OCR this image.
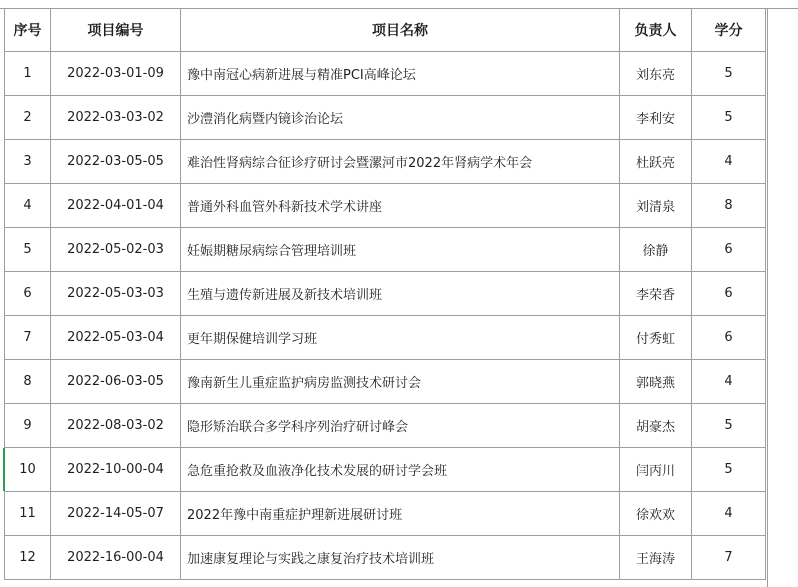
序号	项目编号	项目名称	负责人	学分
1	2022-03-01-09	豫中南冠心病新进展与精准PCI高峰论坛	刘东亮	5
2	2022-03-03-02	沙澧消化病暨内镜诊治论坛	李利安	5
3	2022-03-05-05	难治性肾病综合征诊疗研讨会暨漯河市2022年肾病学术年会	杜跃亮	4
4	2022-04-01-04	普通外科血管外科新技术学术讲座	刘清泉	8
5	2022-05-02-03	妊娠期糖尿病综合管理培训班	徐静	6
6	2022-05-03-03	生殖与遗传新进展及新技术培训班	李荣香	6
7	2022-05-03-04	更年期保健培训学习班	付秀虹	6
8	2022-06-03-05	豫南新生儿重症监护病房监测技术研讨会	郭晓燕	4
9	2022-08-03-02	隐形矫治联合多学科序列治疗研讨峰会	胡豪杰	5
10	2022-10-00-04	急危重抢救及血液净化技术发展的研讨学会班	闫丙川	5
11	2022-14-05-07	2022年豫中南重症护理新进展研讨班	徐欢欢	4
12	2022-16-00-04	加速康复理论与实践之康复治疗技术培训班	王海涛	7
